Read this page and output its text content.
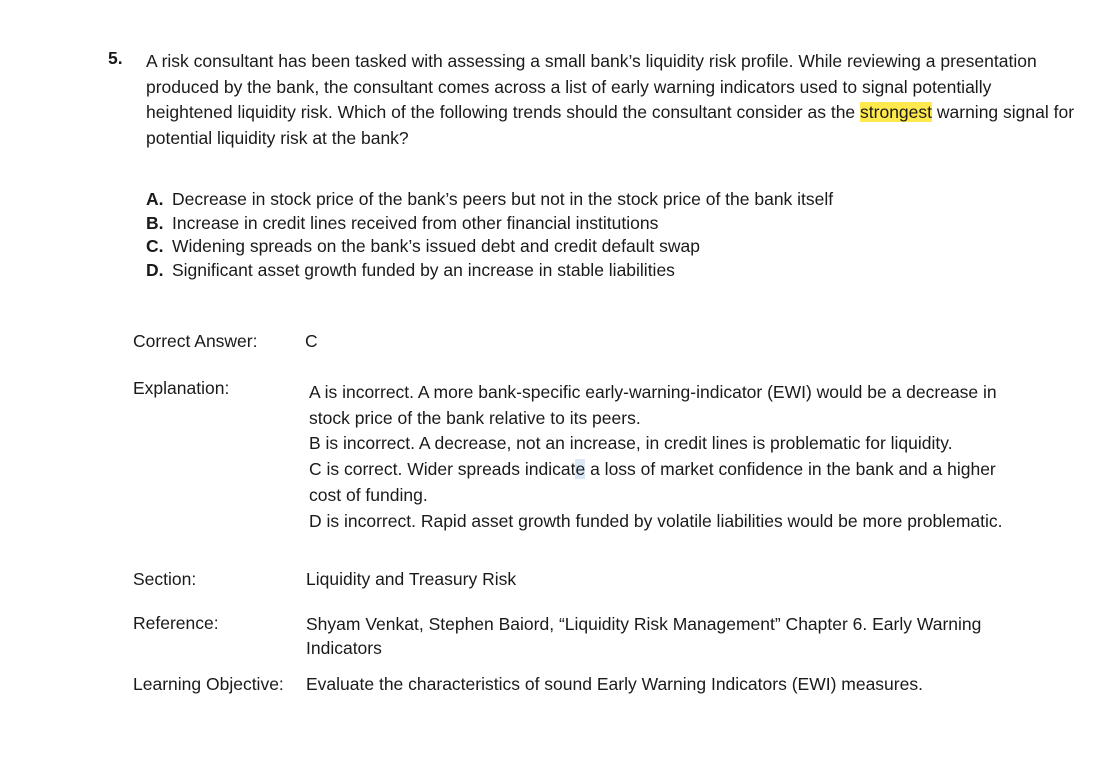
5. A risk consultant has been tasked with assessing a small bank’s liquidity risk profile. While reviewing a presentation produced by the bank, the consultant comes across a list of early warning indicators used to signal potentially heightened liquidity risk. Which of the following trends should the consultant consider as the strongest warning signal for potential liquidity risk at the bank?
A. Decrease in stock price of the bank’s peers but not in the stock price of the bank itself
B. Increase in credit lines received from other financial institutions
C. Widening spreads on the bank’s issued debt and credit default swap
D. Significant asset growth funded by an increase in stable liabilities
Correct Answer:	C
Explanation:	A is incorrect. A more bank-specific early-warning-indicator (EWI) would be a decrease in
stock price of the bank relative to its peers.
B is incorrect. A decrease, not an increase, in credit lines is problematic for liquidity.
C is correct. Wider spreads indicate a loss of market confidence in the bank and a higher
cost of funding.
D is incorrect. Rapid asset growth funded by volatile liabilities would be more problematic.
Section:	Liquidity and Treasury Risk
Reference:	Shyam Venkat, Stephen Baiord, “Liquidity Risk Management” Chapter 6. Early Warning
Indicators
Learning Objective: Evaluate the characteristics of sound Early Warning Indicators (EWI) measures.
